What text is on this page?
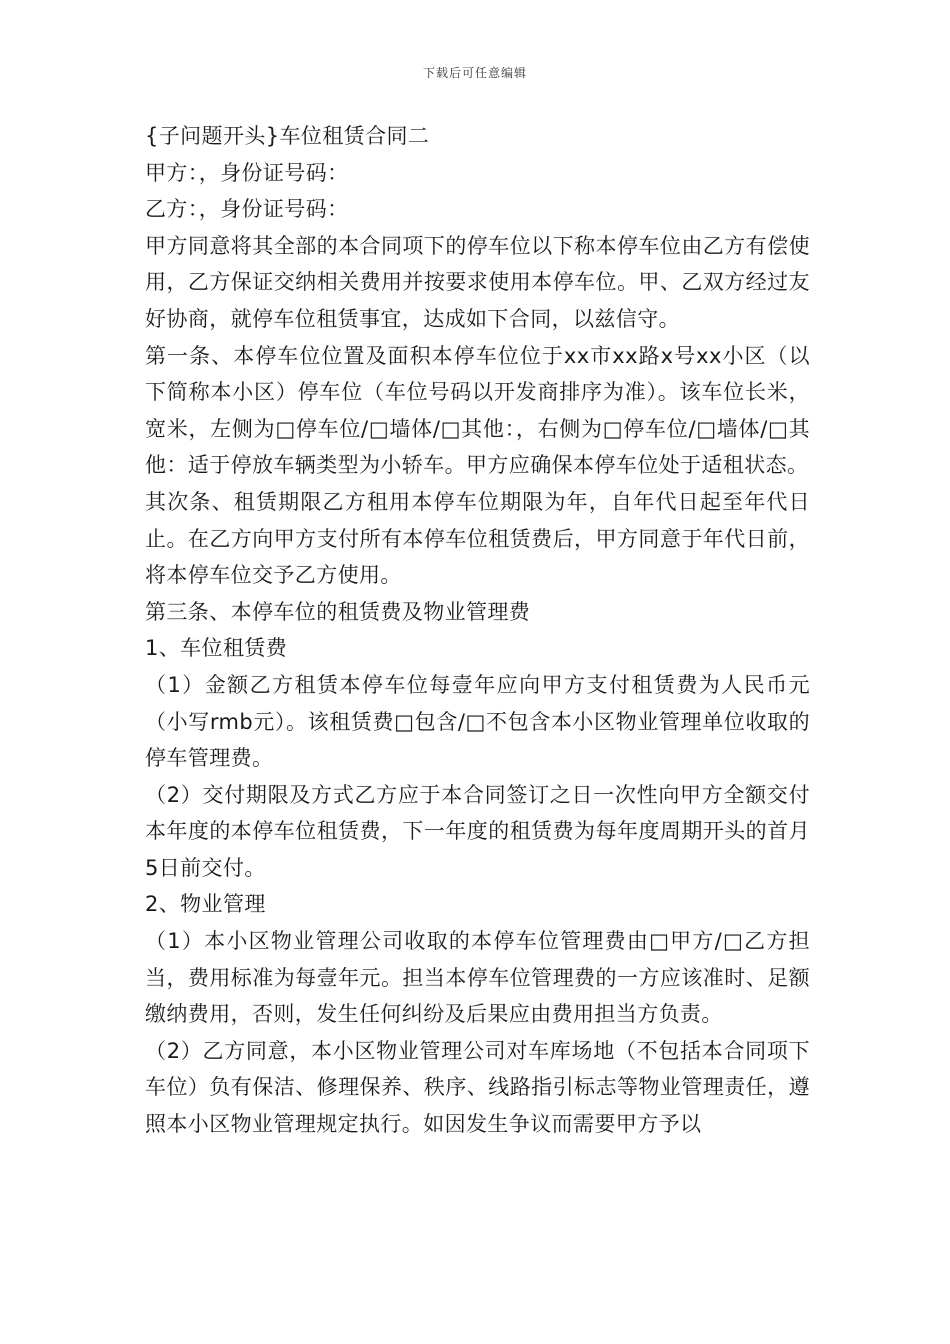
下载后可任意编辑

{子问题开头}车位租赁合同二

甲方：，身份证号码：

乙方：，身份证号码：

甲方同意将其全部的本合同项下的停车位以下称本停车位由乙方有偿使用，乙方保证交纳相关费用并按要求使用本停车位。甲、乙双方经过友好协商，就停车位租赁事宜，达成如下合同，以兹信守。

第一条、本停车位位置及面积本停车位位于xx市xx路x号xx小区（以下简称本小区）停车位（车位号码以开发商排序为准）。该车位长米，宽米，左侧为□停车位/□墙体/□其他：，右侧为□停车位/□墙体/□其他：适于停放车辆类型为小轿车。甲方应确保本停车位处于适租状态。

其次条、租赁期限乙方租用本停车位期限为年，自年代日起至年代日止。在乙方向甲方支付所有本停车位租赁费后，甲方同意于年代日前，将本停车位交予乙方使用。

第三条、本停车位的租赁费及物业管理费

1、车位租赁费

（1）金额乙方租赁本停车位每壹年应向甲方支付租赁费为人民币元（小写rmb元）。该租赁费□包含/□不包含本小区物业管理单位收取的停车管理费。

（2）交付期限及方式乙方应于本合同签订之日一次性向甲方全额交付本年度的本停车位租赁费，下一年度的租赁费为每年度周期开头的首月5日前交付。

2、物业管理

（1）本小区物业管理公司收取的本停车位管理费由□甲方/□乙方担当，费用标准为每壹年元。担当本停车位管理费的一方应该准时、足额缴纳费用，否则，发生任何纠纷及后果应由费用担当方负责。

（2）乙方同意，本小区物业管理公司对车库场地（不包括本合同项下车位）负有保洁、修理保养、秩序、线路指引标志等物业管理责任，遵照本小区物业管理规定执行。如因发生争议而需要甲方予以
